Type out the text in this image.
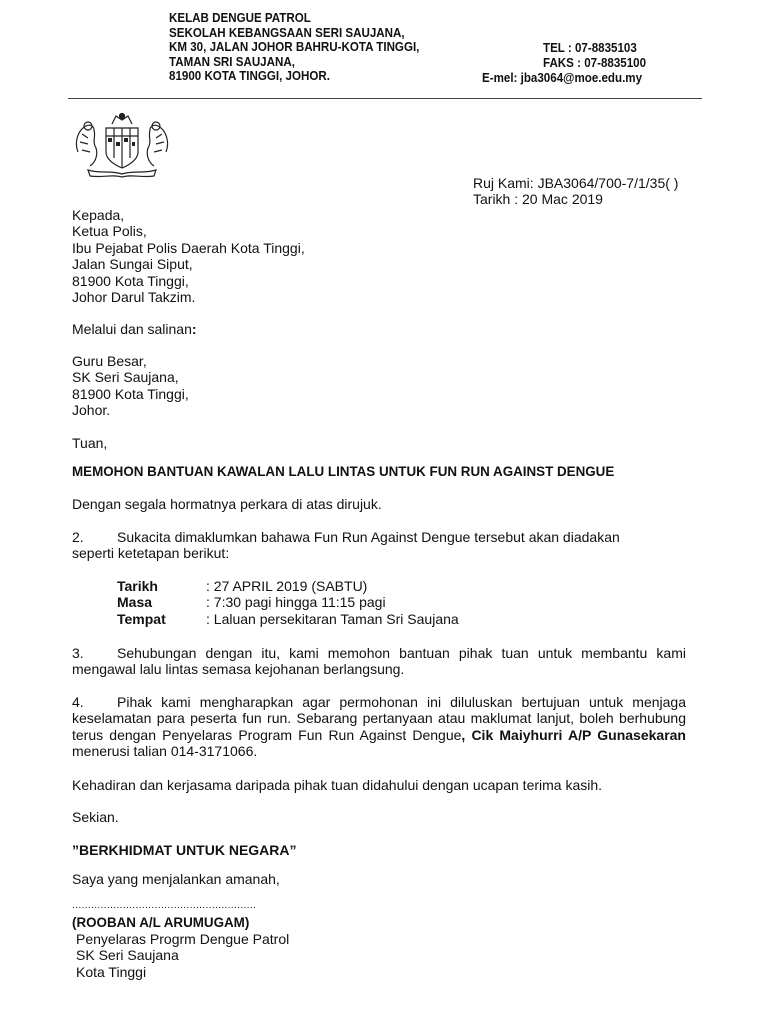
KELAB DENGUE PATROL
SEKOLAH KEBANGSAAN SERI SAUJANA,
KM 30, JALAN JOHOR BAHRU-KOTA TINGGI,
TAMAN SRI SAUJANA,
81900 KOTA TINGGI, JOHOR.
TEL : 07-8835103
FAKS : 07-8835100
E-mel: jba3064@moe.edu.my
Ruj Kami: JBA3064/700-7/1/35( )
Tarikh : 20 Mac 2019
Kepada,
Ketua Polis,
Ibu Pejabat Polis Daerah Kota Tinggi,
Jalan Sungai Siput,
81900 Kota Tinggi,
Johor Darul Takzim.
Melalui dan salinan:
Guru Besar,
SK Seri Saujana,
81900 Kota Tinggi,
Johor.
Tuan,
MEMOHON BANTUAN KAWALAN LALU LINTAS UNTUK FUN RUN AGAINST DENGUE
Dengan segala hormatnya perkara di atas dirujuk.
2. Sukacita dimaklumkan bahawa Fun Run Against Dengue tersebut akan diadakan
seperti ketetapan berikut:
Tarikh	: 27 APRIL 2019 (SABTU)
Masa	: 7:30 pagi hingga 11:15 pagi
Tempat	: Laluan persekitaran Taman Sri Saujana
3. Sehubungan dengan itu, kami memohon bantuan pihak tuan untuk membantu kami mengawal lalu lintas semasa kejohanan berlangsung.
4. Pihak kami mengharapkan agar permohonan ini diluluskan bertujuan untuk menjaga keselamatan para peserta fun run. Sebarang pertanyaan atau maklumat lanjut, boleh berhubung terus dengan Penyelaras Program Fun Run Against Dengue, Cik Maiyhurri A/P Gunasekaran menerusi talian 014-3171066.
Kehadiran dan kerjasama daripada pihak tuan didahului dengan ucapan terima kasih.
Sekian.
”BERKHIDMAT UNTUK NEGARA”
Saya yang menjalankan amanah,
..........................................................
(ROOBAN A/L ARUMUGAM)
Penyelaras Progrm Dengue Patrol
SK Seri Saujana
Kota Tinggi
